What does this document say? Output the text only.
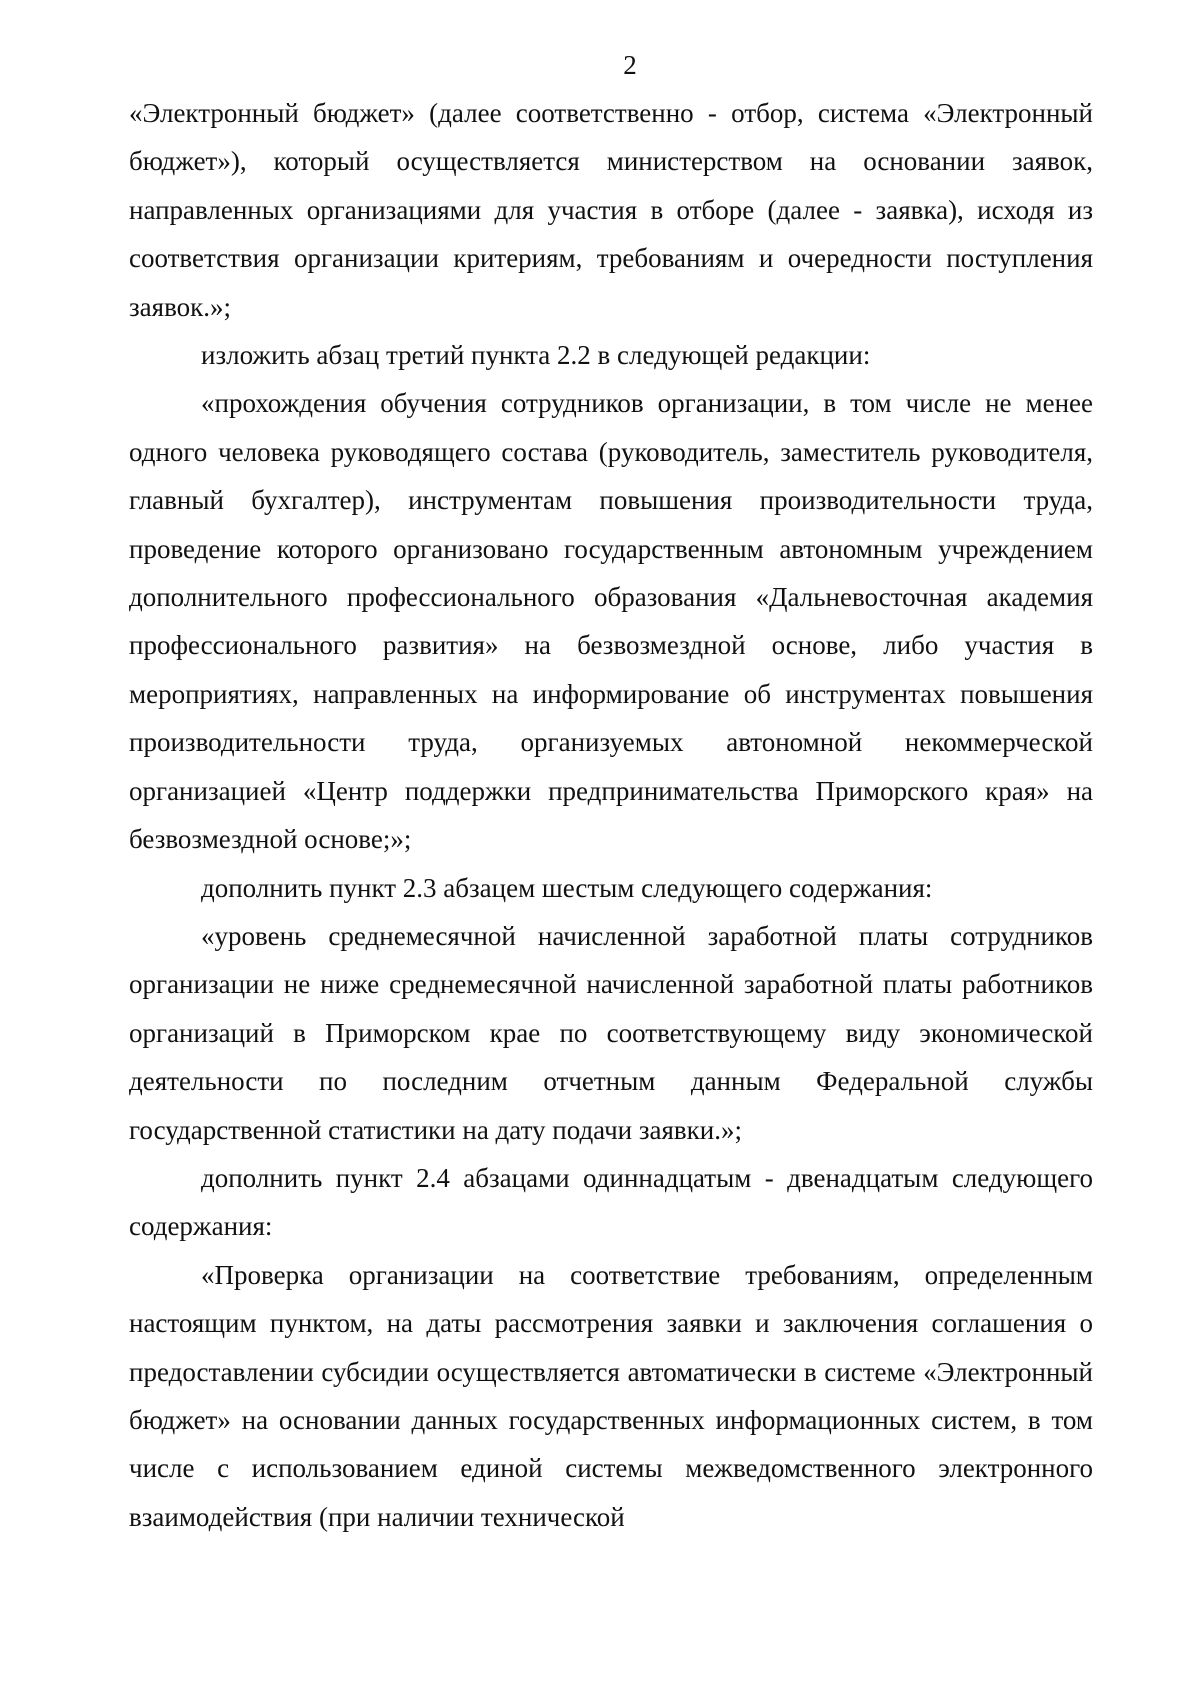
2

«Электронный бюджет» (далее соответственно - отбор, система «Электронный бюджет»), который осуществляется министерством на основании заявок, направленных организациями для участия в отборе (далее - заявка), исходя из соответствия организации критериям, требованиям и очередности поступления заявок.»;

изложить абзац третий пункта 2.2 в следующей редакции:

«прохождения обучения сотрудников организации, в том числе не менее одного человека руководящего состава (руководитель, заместитель руководителя, главный бухгалтер), инструментам повышения производительности труда, проведение которого организовано государственным автономным учреждением дополнительного профессионального образования «Дальневосточная академия профессионального развития» на безвозмездной основе, либо участия в мероприятиях, направленных на информирование об инструментах повышения производительности труда, организуемых автономной некоммерческой организацией «Центр поддержки предпринимательства Приморского края» на безвозмездной основе;»;

дополнить пункт 2.3 абзацем шестым следующего содержания:

«уровень среднемесячной начисленной заработной платы сотрудников организации не ниже среднемесячной начисленной заработной платы работников организаций в Приморском крае по соответствующему виду экономической деятельности по последним отчетным данным Федеральной службы государственной статистики на дату подачи заявки.»;

дополнить пункт 2.4 абзацами одиннадцатым - двенадцатым следующего содержания:

«Проверка организации на соответствие требованиям, определенным настоящим пунктом, на даты рассмотрения заявки и заключения соглашения о предоставлении субсидии осуществляется автоматически в системе «Электронный бюджет» на основании данных государственных информационных систем, в том числе с использованием единой системы межведомственного электронного взаимодействия (при наличии технической
